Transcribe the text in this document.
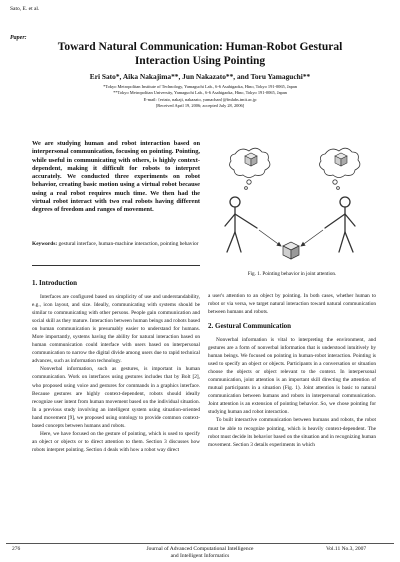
Sato, E. et al.
Paper:
Toward Natural Communication: Human-Robot Gestural
Interaction Using Pointing
Eri Sato*, Aika Nakajima**, Jun Nakazato**, and Toru Yamaguchi**
*Tokyo Metropolitan Institute of Technology, Yamaguchi Lab., 6-6 Asahigaoka, Hino, Tokyo 191-0065, Japan
**Tokyo Metropolitan University, Yamaguchi Lab., 6-6 Asahigaoka, Hino, Tokyo 191-0065, Japan
E-mail: {eriato, nakaji, nakazato, yamachan}@fmlabs.tmit.ac.jp
[Received April 19, 2006; accepted July 28, 2006]
We are studying human and robot interaction based on interpersonal communication, focusing on pointing. Pointing, while useful in communicating with others, is highly context-dependent, making it difficult for robots to interpret accurately. We conducted three experiments on robot behavior, creating basic motion using a virtual robot because using a real robot requires much time. We then had the virtual robot interact with two real robots having different degrees of freedom and ranges of movement.
Keywords: gestural interface, human-machine interaction, pointing behavior
Fig. 1. Pointing behavior in joint attention.
1. Introduction

Interfaces are configured based on simplicity of use and understandability, e.g., icon layout, and size. Ideally, communicating with systems should be similar to communicating with other persons. People gain communication and social skill as they mature. Interaction between human beings and robots based on human communication is presumably easier to understand for humans. More importantly, systems having the ability for natural interaction based on human communication could interface with users based on interpersonal communication to narrow the digital divide among users due to rapid technical advances, such as information technology.

Nonverbal information, such as gestures, is important in human communication. Work on interfaces using gestures includes that by Bolt [2], who proposed using voice and gestures for commands in a graphics interface. Because gestures are highly context-dependent, robots should ideally recognize user intent from human movement based on the individual situation. In a previous study involving an intelligent system using situation-oriented hand movement [9], we proposed using ontology to provide common context-based concepts between humans and robots.

Here, we have focused on the gesture of pointing, which is used to specify an object or objects or to direct attention to them. Section 3 discusses how robots interpret pointing. Section 4 deals with how a robot way direct

a user's attention to an object by pointing. In both cases, whether human to robot or via versa, we target natural interaction toward natural communication between humans and robots.

2. Gestural Communication

Nonverbal information is vital to interpreting the environment, and gestures are a form of nonverbal information that is understood intuitively by human beings. We focused on pointing in human-robot interaction. Pointing is used to specify an object or objects. Participants in a conversation or situation choose the objects or object relevant to the context. In interpersonal communication, joint attention is an important skill directing the attention of mutual participants in a situation (Fig. 1). Joint attention is basic to natural communication between humans and robots in interpersonal communication. Joint attention is an extension of pointing behavior. So, we chose pointing for studying human and robot interaction.

To built interactive communication between humans and robots, the robot must be able to recognize pointing, which is heavily context-dependent. The robot must decide its behavior based on the situation and in recognizing human movement. Section 3 details experiments in which

276	Journal of Advanced Computational Intelligence
and Intelligent Informatics
Vol.11 No.3, 2007
